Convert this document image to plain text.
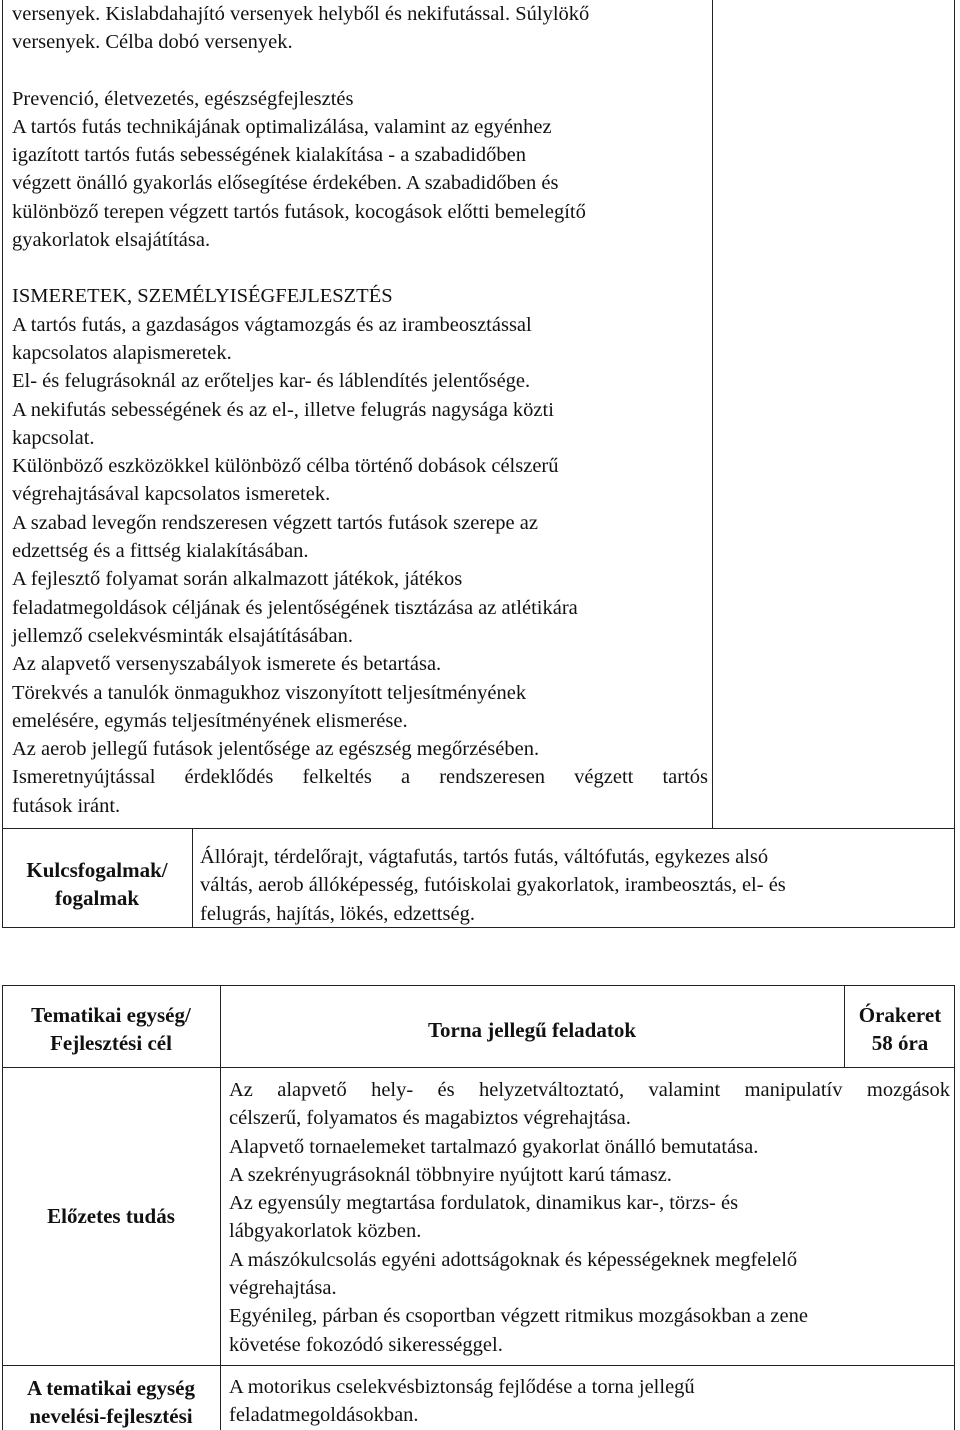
versenyek. Kislabdahajító versenyek helyből és nekifutással. Súlylökő

versenyek. Célba dobó versenyek.

Prevenció, életvezetés, egészségfejlesztés

A tartós futás technikájának optimalizálása, valamint az egyénhez

igazított tartós futás sebességének kialakítása - a szabadidőben

végzett önálló gyakorlás elősegítése érdekében. A szabadidőben és

különböző terepen végzett tartós futások, kocogások előtti bemelegítő

gyakorlatok elsajátítása.

ISMERETEK, SZEMÉLYISÉGFEJLESZTÉS

A tartós futás, a gazdaságos vágtamozgás és az irambeosztással

kapcsolatos alapismeretek.

El- és felugrásoknál az erőteljes kar- és láblendítés jelentősége.

A nekifutás sebességének és az el-, illetve felugrás nagysága közti

kapcsolat.

Különböző eszközökkel különböző célba történő dobások célszerű

végrehajtásával kapcsolatos ismeretek.

A szabad levegőn rendszeresen végzett tartós futások szerepe az

edzettség és a fittség kialakításában.

A fejlesztő folyamat során alkalmazott játékok, játékos

feladatmegoldások céljának és jelentőségének tisztázása az atlétikára

jellemző cselekvésminták elsajátításában.

Az alapvető versenyszabályok ismerete és betartása.

Törekvés a tanulók önmagukhoz viszonyított teljesítményének

emelésére, egymás teljesítményének elismerése.

Az aerob jellegű futások jelentősége az egészség megőrzésében.

Ismeretnyújtással érdeklődés felkeltés a rendszeresen végzett tartós

futások iránt.

Kulcsfogalmak/
fogalmak

Állórajt, térdelőrajt, vágtafutás, tartós futás, váltófutás, egykezes alsó

váltás, aerob állóképesség, futóiskolai gyakorlatok, irambeosztás, el- és

felugrás, hajítás, lökés, edzettség.

Tematikai egység/
Fejlesztési cél
Torna jellegű feladatok
Órakeret
58 óra
Előzetes tudás

Az alapvető hely- és helyzetváltoztató, valamint manipulatív mozgások

célszerű, folyamatos és magabiztos végrehajtása.

Alapvető tornaelemeket tartalmazó gyakorlat önálló bemutatása.

A szekrényugrásoknál többnyire nyújtott karú támasz.

Az egyensúly megtartása fordulatok, dinamikus kar-, törzs- és

lábgyakorlatok közben.

A mászókulcsolás egyéni adottságoknak és képességeknek megfelelő

végrehajtása.

Egyénileg, párban és csoportban végzett ritmikus mozgásokban a zene

követése fokozódó sikerességgel.

A tematikai egység
nevelési-fejlesztési

A motorikus cselekvésbiztonság fejlődése a torna jellegű

feladatmegoldásokban.
